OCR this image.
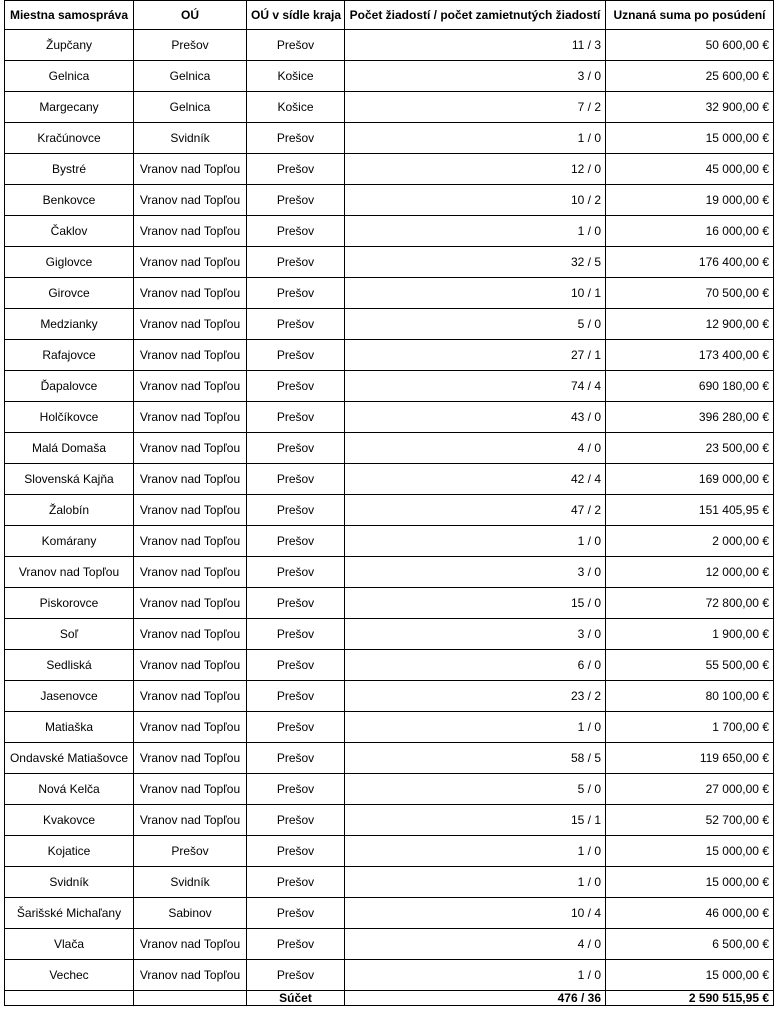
Miestna samospráva	OÚ	OÚ v sídle kraja	Počet žiadostí / počet zamietnutých žiadostí	Uznaná suma po posúdení
Župčany	Prešov	Prešov	11 / 3	50 600,00 €
Gelnica	Gelnica	Košice	3 / 0	25 600,00 €
Margecany	Gelnica	Košice	7 / 2	32 900,00 €
Kračúnovce	Svidník	Prešov	1 / 0	15 000,00 €
Bystré	Vranov nad Topľou	Prešov	12 / 0	45 000,00 €
Benkovce	Vranov nad Topľou	Prešov	10 / 2	19 000,00 €
Čaklov	Vranov nad Topľou	Prešov	1 / 0	16 000,00 €
Giglovce	Vranov nad Topľou	Prešov	32 / 5	176 400,00 €
Girovce	Vranov nad Topľou	Prešov	10 / 1	70 500,00 €
Medzianky	Vranov nad Topľou	Prešov	5 / 0	12 900,00 €
Rafajovce	Vranov nad Topľou	Prešov	27 / 1	173 400,00 €
Ďapalovce	Vranov nad Topľou	Prešov	74 / 4	690 180,00 €
Holčíkovce	Vranov nad Topľou	Prešov	43 / 0	396 280,00 €
Malá Domaša	Vranov nad Topľou	Prešov	4 / 0	23 500,00 €
Slovenská Kajňa	Vranov nad Topľou	Prešov	42 / 4	169 000,00 €
Žalobín	Vranov nad Topľou	Prešov	47 / 2	151 405,95 €
Komárany	Vranov nad Topľou	Prešov	1 / 0	2 000,00 €
Vranov nad Topľou	Vranov nad Topľou	Prešov	3 / 0	12 000,00 €
Piskorovce	Vranov nad Topľou	Prešov	15 / 0	72 800,00 €
Soľ	Vranov nad Topľou	Prešov	3 / 0	1 900,00 €
Sedliská	Vranov nad Topľou	Prešov	6 / 0	55 500,00 €
Jasenovce	Vranov nad Topľou	Prešov	23 / 2	80 100,00 €
Matiaška	Vranov nad Topľou	Prešov	1 / 0	1 700,00 €
Ondavské Matiašovce	Vranov nad Topľou	Prešov	58 / 5	119 650,00 €
Nová Kelča	Vranov nad Topľou	Prešov	5 / 0	27 000,00 €
Kvakovce	Vranov nad Topľou	Prešov	15 / 1	52 700,00 €
Kojatice	Prešov	Prešov	1 / 0	15 000,00 €
Svidník	Svidník	Prešov	1 / 0	15 000,00 €
Šarišské Michaľany	Sabinov	Prešov	10 / 4	46 000,00 €
Vlača	Vranov nad Topľou	Prešov	4 / 0	6 500,00 €
Vechec	Vranov nad Topľou	Prešov	1 / 0	15 000,00 €
		Súčet	476 / 36	2 590 515,95 €
